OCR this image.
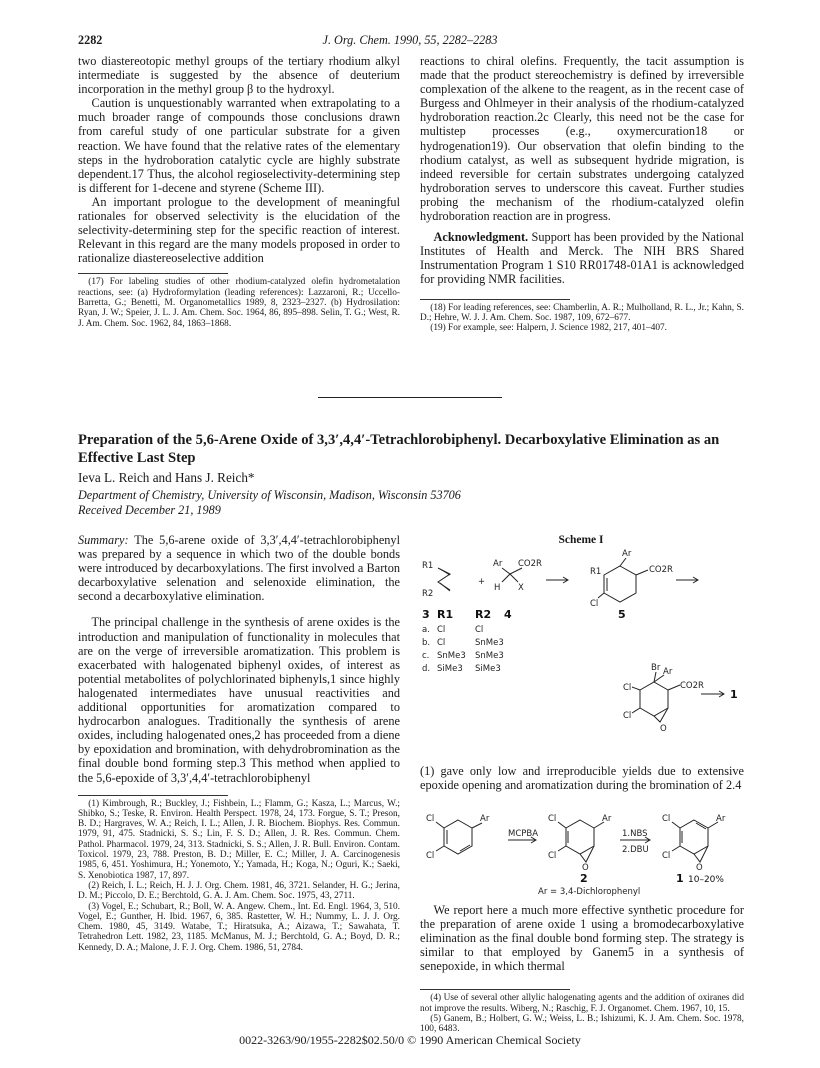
2282	J. Org. Chem. 1990, 55, 2282–2283

two diastereotopic methyl groups of the tertiary rhodium alkyl intermediate is suggested by the absence of deuterium incorporation in the methyl group β to the hydroxyl.

Caution is unquestionably warranted when extrapolating to a much broader range of compounds those conclusions drawn from careful study of one particular substrate for a given reaction. We have found that the relative rates of the elementary steps in the hydroboration catalytic cycle are highly substrate dependent.17 Thus, the alcohol regioselectivity-determining step is different for 1-decene and styrene (Scheme III).

An important prologue to the development of meaningful rationales for observed selectivity is the elucidation of the selectivity-determining step for the specific reaction of interest. Relevant in this regard are the many models proposed in order to rationalize diastereoselective addition

(17) For labeling studies of other rhodium-catalyzed olefin hydrometalation reactions, see: (a) Hydroformylation (leading references): Lazzaroni, R.; Uccello-Barretta, G.; Benetti, M. Organometallics 1989, 8, 2323–2327. (b) Hydrosilation: Ryan, J. W.; Speier, J. L. J. Am. Chem. Soc. 1964, 86, 895–898. Selin, T. G.; West, R. J. Am. Chem. Soc. 1962, 84, 1863–1868.

reactions to chiral olefins. Frequently, the tacit assumption is made that the product stereochemistry is defined by irreversible complexation of the alkene to the reagent, as in the recent case of Burgess and Ohlmeyer in their analysis of the rhodium-catalyzed hydroboration reaction.2c Clearly, this need not be the case for multistep processes (e.g., oxymercuration18 or hydrogenation19). Our observation that olefin binding to the rhodium catalyst, as well as subsequent hydride migration, is indeed reversible for certain substrates undergoing catalyzed hydroboration serves to underscore this caveat. Further studies probing the mechanism of the rhodium-catalyzed olefin hydroboration reaction are in progress.

Acknowledgment. Support has been provided by the National Institutes of Health and Merck. The NIH BRS Shared Instrumentation Program 1 S10 RR01748-01A1 is acknowledged for providing NMR facilities.

(18) For leading references, see: Chamberlin, A. R.; Mulholland, R. L., Jr.; Kahn, S. D.; Hehre, W. J. J. Am. Chem. Soc. 1987, 109, 672–677.

(19) For example, see: Halpern, J. Science 1982, 217, 401–407.

Preparation of the 5,6-Arene Oxide of 3,3′,4,4′-Tetrachlorobiphenyl. Decarboxylative Elimination as an Effective Last Step
Ieva L. Reich and Hans J. Reich*
Department of Chemistry, University of Wisconsin, Madison, Wisconsin 53706
Received December 21, 1989

Summary: The 5,6-arene oxide of 3,3′,4,4′-tetrachlorobiphenyl was prepared by a sequence in which two of the double bonds were introduced by decarboxylations. The first involved a Barton decarboxylative selenation and selenoxide elimination, the second a decarboxylative elimination.

The principal challenge in the synthesis of arene oxides is the introduction and manipulation of functionality in molecules that are on the verge of irreversible aromatization. This problem is exacerbated with halogenated biphenyl oxides, of interest as potential metabolites of polychlorinated biphenyls,1 since highly halogenated intermediates have unusual reactivities and additional opportunities for aromatization compared to hydrocarbon analogues. Traditionally the synthesis of arene oxides, including halogenated ones,2 has proceeded from a diene by epoxidation and bromination, with dehydrobromination as the final double bond forming step.3 This method when applied to the 5,6-epoxide of 3,3′,4,4′-tetrachlorobiphenyl

(1) Kimbrough, R.; Buckley, J.; Fishbein, L.; Flamm, G.; Kasza, L.; Marcus, W.; Shibko, S.; Teske, R. Environ. Health Perspect. 1978, 24, 173. Forgue, S. T.; Preson, B. D.; Hargraves, W. A.; Reich, I. L.; Allen, J. R. Biochem. Biophys. Res. Commun. 1979, 91, 475. Stadnicki, S. S.; Lin, F. S. D.; Allen, J. R. Res. Commun. Chem. Pathol. Pharmacol. 1979, 24, 313. Stadnicki, S. S.; Allen, J. R. Bull. Environ. Contam. Toxicol. 1979, 23, 788. Preston, B. D.; Miller, E. C.; Miller, J. A. Carcinogenesis 1985, 6, 451. Yoshimura, H.; Yonemoto, Y.; Yamada, H.; Koga, N.; Oguri, K.; Saeki, S. Xenobiotica 1987, 17, 897.

(2) Reich, I. L.; Reich, H. J. J. Org. Chem. 1981, 46, 3721. Selander, H. G.; Jerina, D. M.; Piccolo, D. E.; Berchtold, G. A. J. Am. Chem. Soc. 1975, 43, 2711.

(3) Vogel, E.; Schubart, R.; Boll, W. A. Angew. Chem., Int. Ed. Engl. 1964, 3, 510. Vogel, E.; Gunther, H. Ibid. 1967, 6, 385. Rastetter, W. H.; Nummy, L. J. J. Org. Chem. 1980, 45, 3149. Watabe, T.; Hiratsuka, A.; Aizawa, T.; Sawahata, T. Tetrahedron Lett. 1982, 23, 1185. McManus, M. J.; Berchtold, G. A.; Boyd, D. R.; Kennedy, D. A.; Malone, J. F. J. Org. Chem. 1986, 51, 2784.

Scheme I
R1
R2
+
Ar CO2R
H X
R1
Ar
CO2R
Cl
Br Ar
CO2R
Cl
Cl
O
3 R1 R2 4	5
1
a. Cl	Cl
b. Cl	SnMe3
c. SnMe3 SnMe3
d. SiMe3 SiMe3

(1) gave only low and irreproducible yields due to extensive epoxide opening and aromatization during the bromination of 2.4

Cl	Ar
Cl
MCPBA
Cl	Ar
Cl
O
1.NBS
2.DBU
Cl	Ar
Cl
O
Ar = 3,4-Dichlorophenyl
2	1 10–20%

We report here a much more effective synthetic procedure for the preparation of arene oxide 1 using a bromodecarboxylative elimination as the final double bond forming step. The strategy is similar to that employed by Ganem5 in a synthesis of senepoxide, in which thermal

(4) Use of several other allylic halogenating agents and the addition of oxiranes did not improve the results. Wiberg, N.; Raschig, F. J. Organomet. Chem. 1967, 10, 15.

(5) Ganem, B.; Holbert, G. W.; Weiss, L. B.; Ishizumi, K. J. Am. Chem. Soc. 1978, 100, 6483.

0022-3263/90/1955-2282$02.50/0 © 1990 American Chemical Society
